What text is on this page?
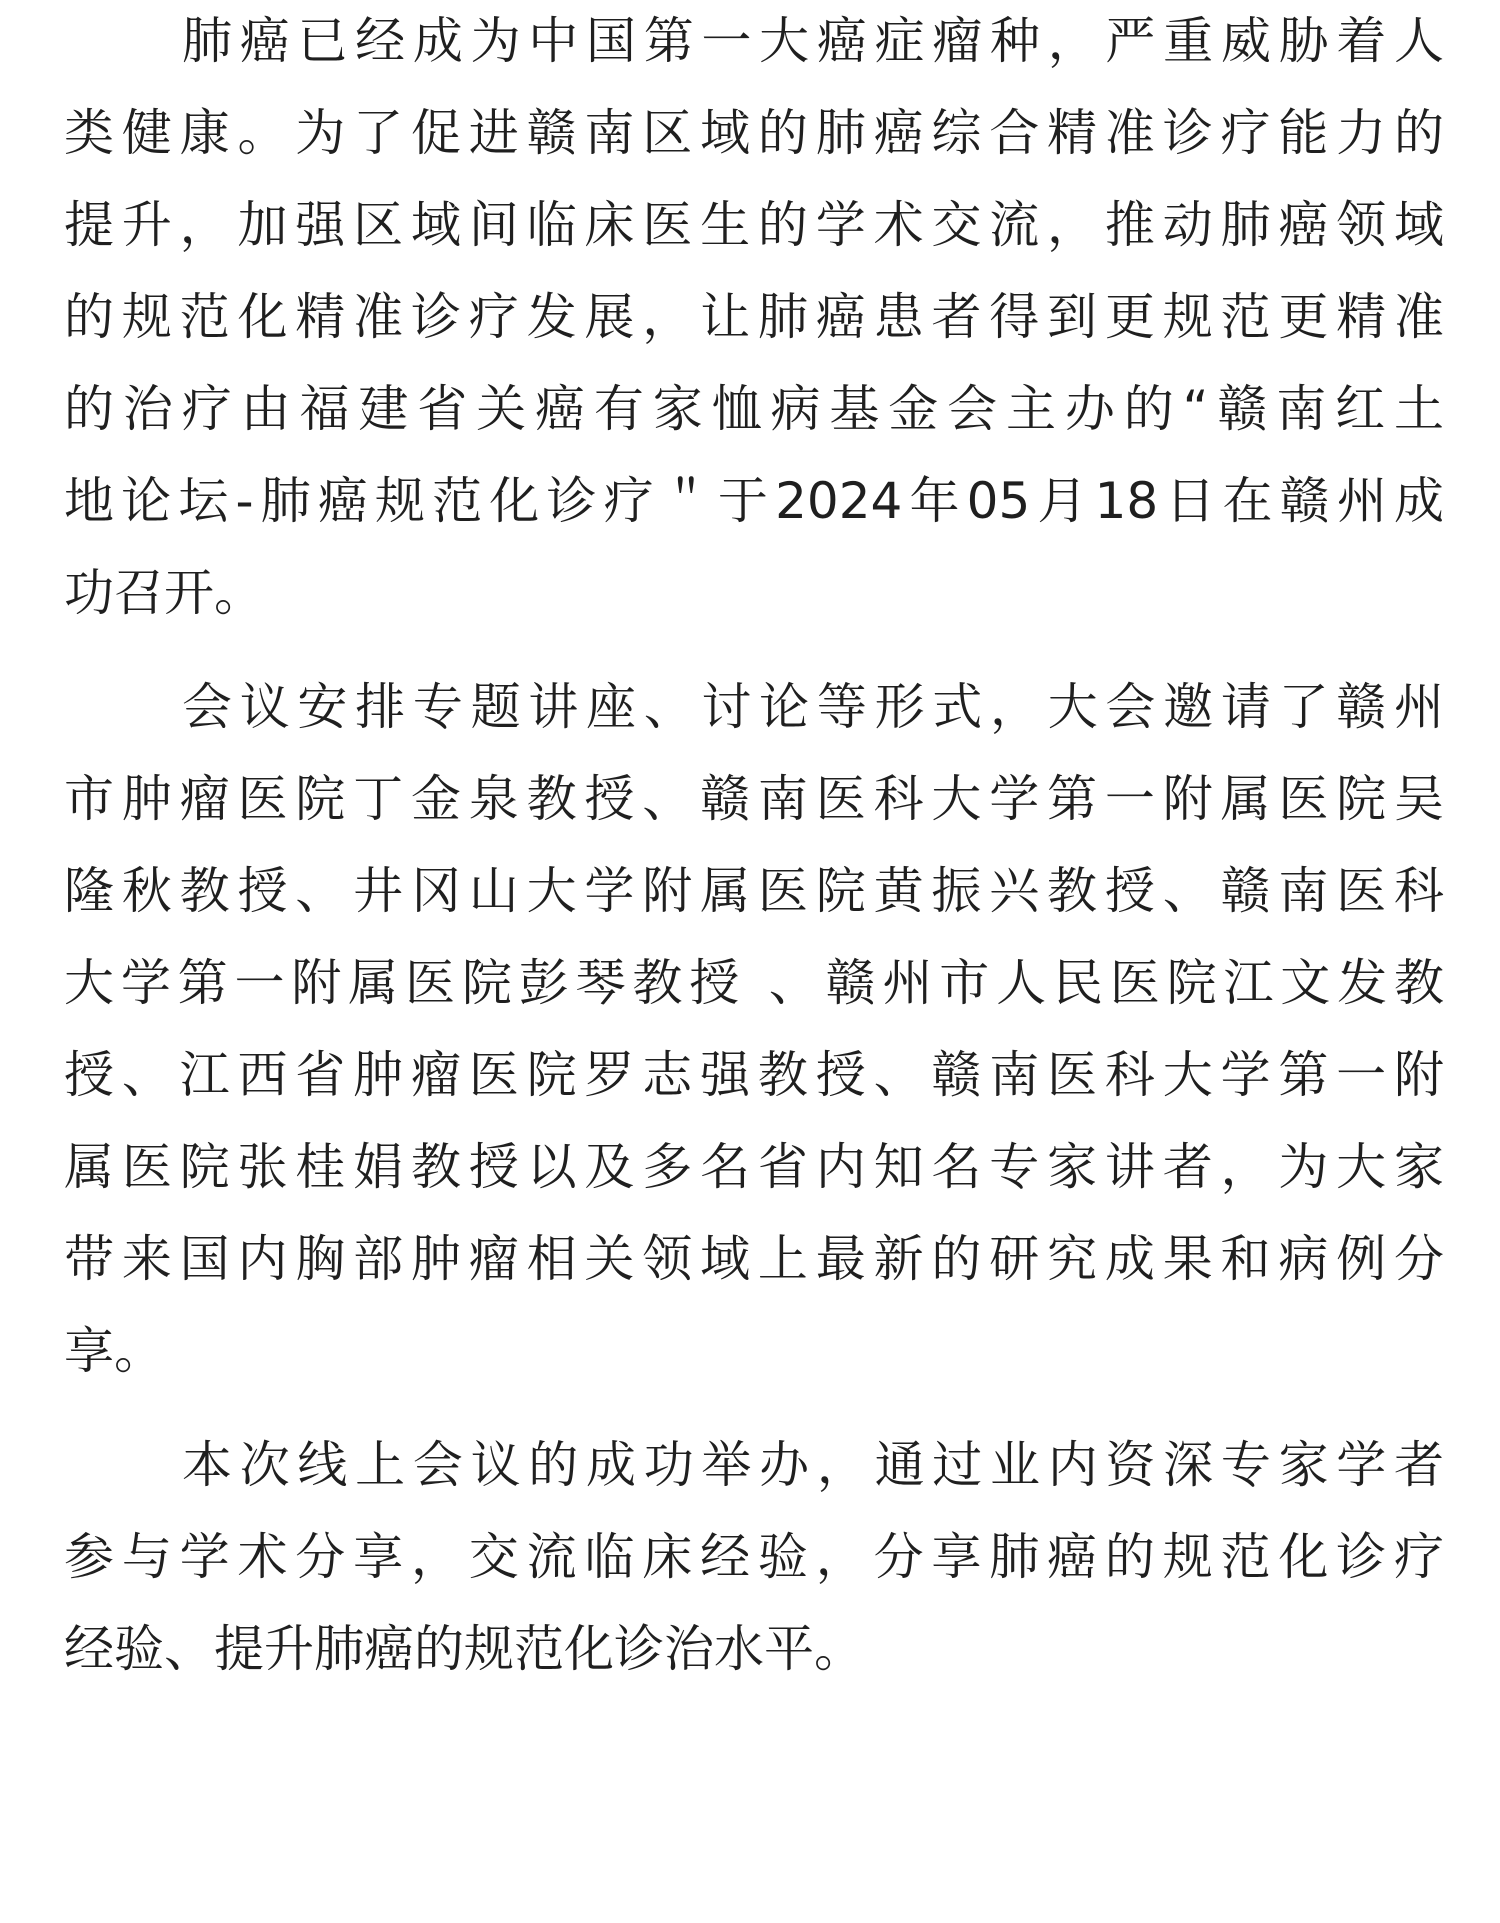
肺癌已经成为中国第一大癌症瘤种，严重威胁着人
类健康。为了促进赣南区域的肺癌综合精准诊疗能力的
提升，加强区域间临床医生的学术交流，推动肺癌领域
的规范化精准诊疗发展，让肺癌患者得到更规范更精准
的治疗由福建省关癌有家恤病基金会主办的“赣南红土
地论坛-肺癌规范化诊疗＂于2024年05月18日在赣州成
功召开。

会议安排专题讲座、讨论等形式，大会邀请了赣州
市肿瘤医院丁金泉教授、赣南医科大学第一附属医院吴
隆秋教授、井冈山大学附属医院黄振兴教授、赣南医科
大学第一附属医院彭琴教授 、赣州市人民医院江文发教
授、江西省肿瘤医院罗志强教授、赣南医科大学第一附
属医院张桂娟教授以及多名省内知名专家讲者，为大家
带来国内胸部肿瘤相关领域上最新的研究成果和病例分
享。

本次线上会议的成功举办，通过业内资深专家学者
参与学术分享，交流临床经验，分享肺癌的规范化诊疗
经验、提升肺癌的规范化诊治水平。
